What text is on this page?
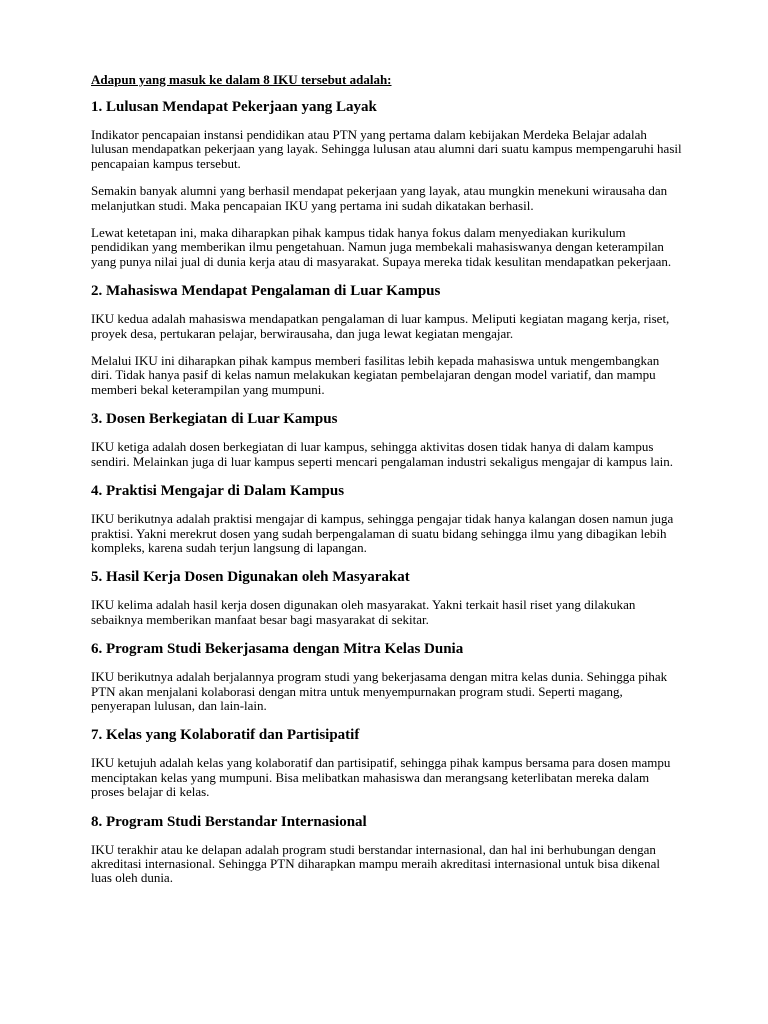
Adapun yang masuk ke dalam 8 IKU tersebut adalah:

1. Lulusan Mendapat Pekerjaan yang Layak

Indikator pencapaian instansi pendidikan atau PTN yang pertama dalam kebijakan Merdeka Belajar adalah lulusan mendapatkan pekerjaan yang layak. Sehingga lulusan atau alumni dari suatu kampus mempengaruhi hasil pencapaian kampus tersebut.

Semakin banyak alumni yang berhasil mendapat pekerjaan yang layak, atau mungkin menekuni wirausaha dan melanjutkan studi. Maka pencapaian IKU yang pertama ini sudah dikatakan berhasil.

Lewat ketetapan ini, maka diharapkan pihak kampus tidak hanya fokus dalam menyediakan kurikulum pendidikan yang memberikan ilmu pengetahuan. Namun juga membekali mahasiswanya dengan keterampilan yang punya nilai jual di dunia kerja atau di masyarakat. Supaya mereka tidak kesulitan mendapatkan pekerjaan.

2. Mahasiswa Mendapat Pengalaman di Luar Kampus

IKU kedua adalah mahasiswa mendapatkan pengalaman di luar kampus. Meliputi kegiatan magang kerja, riset, proyek desa, pertukaran pelajar, berwirausaha, dan juga lewat kegiatan mengajar.

Melalui IKU ini diharapkan pihak kampus memberi fasilitas lebih kepada mahasiswa untuk mengembangkan diri. Tidak hanya pasif di kelas namun melakukan kegiatan pembelajaran dengan model variatif, dan mampu memberi bekal keterampilan yang mumpuni.

3. Dosen Berkegiatan di Luar Kampus

IKU ketiga adalah dosen berkegiatan di luar kampus, sehingga aktivitas dosen tidak hanya di dalam kampus sendiri. Melainkan juga di luar kampus seperti mencari pengalaman industri sekaligus mengajar di kampus lain.

4. Praktisi Mengajar di Dalam Kampus

IKU berikutnya adalah praktisi mengajar di kampus, sehingga pengajar tidak hanya kalangan dosen namun juga praktisi. Yakni merekrut dosen yang sudah berpengalaman di suatu bidang sehingga ilmu yang dibagikan lebih kompleks, karena sudah terjun langsung di lapangan.

5. Hasil Kerja Dosen Digunakan oleh Masyarakat

IKU kelima adalah hasil kerja dosen digunakan oleh masyarakat. Yakni terkait hasil riset yang dilakukan sebaiknya memberikan manfaat besar bagi masyarakat di sekitar.

6. Program Studi Bekerjasama dengan Mitra Kelas Dunia

IKU berikutnya adalah berjalannya program studi yang bekerjasama dengan mitra kelas dunia. Sehingga pihak PTN akan menjalani kolaborasi dengan mitra untuk menyempurnakan program studi. Seperti magang, penyerapan lulusan, dan lain-lain.

7. Kelas yang Kolaboratif dan Partisipatif

IKU ketujuh adalah kelas yang kolaboratif dan partisipatif, sehingga pihak kampus bersama para dosen mampu menciptakan kelas yang mumpuni. Bisa melibatkan mahasiswa dan merangsang keterlibatan mereka dalam proses belajar di kelas.

8. Program Studi Berstandar Internasional

IKU terakhir atau ke delapan adalah program studi berstandar internasional, dan hal ini berhubungan dengan akreditasi internasional. Sehingga PTN diharapkan mampu meraih akreditasi internasional untuk bisa dikenal luas oleh dunia.
